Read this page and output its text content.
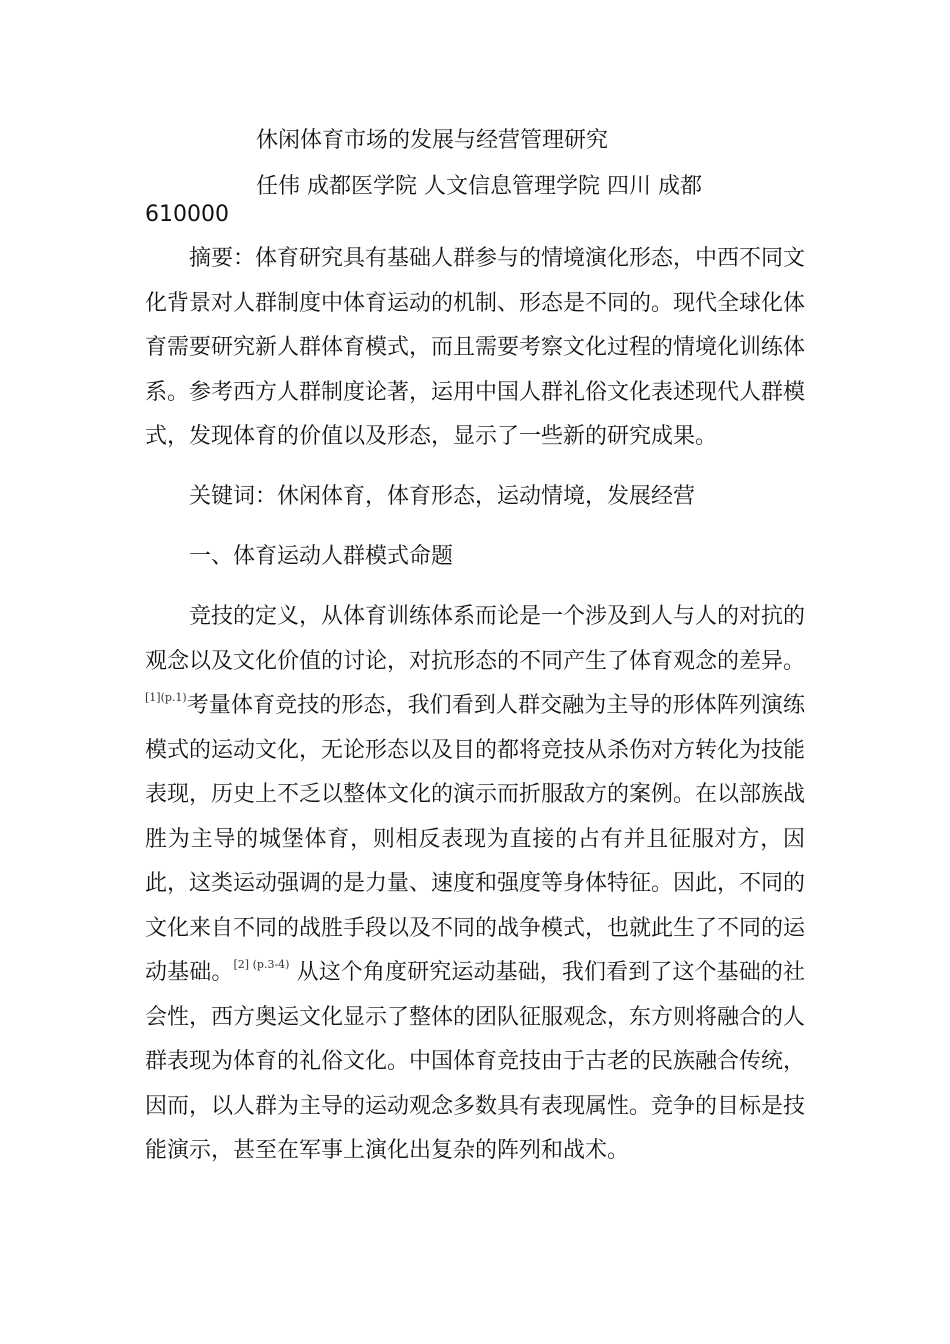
休闲体育市场的发展与经营管理研究
任伟 成都医学院 人文信息管理学院 四川 成都
610000
摘要：体育研究具有基础人群参与的情境演化形态，中西不同文化背景对人群制度中体育运动的机制、形态是不同的。现代全球化体育需要研究新人群体育模式，而且需要考察文化过程的情境化训练体系。参考西方人群制度论著，运用中国人群礼俗文化表述现代人群模式，发现体育的价值以及形态，显示了一些新的研究成果。
关键词：休闲体育，体育形态，运动情境，发展经营
一、体育运动人群模式命题
竞技的定义，从体育训练体系而论是一个涉及到人与人的对抗的观念以及文化价值的讨论，对抗形态的不同产生了体育观念的差异。$^{[1](p.1)}$考量体育竞技的形态，我们看到人群交融为主导的形体阵列演练模式的运动文化，无论形态以及目的都将竞技从杀伤对方转化为技能表现，历史上不乏以整体文化的演示而折服敌方的案例。在以部族战胜为主导的城堡体育，则相反表现为直接的占有并且征服对方，因此，这类运动强调的是力量、速度和强度等身体特征。因此，不同的文化来自不同的战胜手段以及不同的战争模式，也就此生了不同的运动基础。$^{[2] (p.3-4)}$ 从这个角度研究运动基础，我们看到了这个基础的社会性，西方奥运文化显示了整体的团队征服观念，东方则将融合的人群表现为体育的礼俗文化。中国体育竞技由于古老的民族融合传统，因而，以人群为主导的运动观念多数具有表现属性。竞争的目标是技能演示，甚至在军事上演化出复杂的阵列和战术。
